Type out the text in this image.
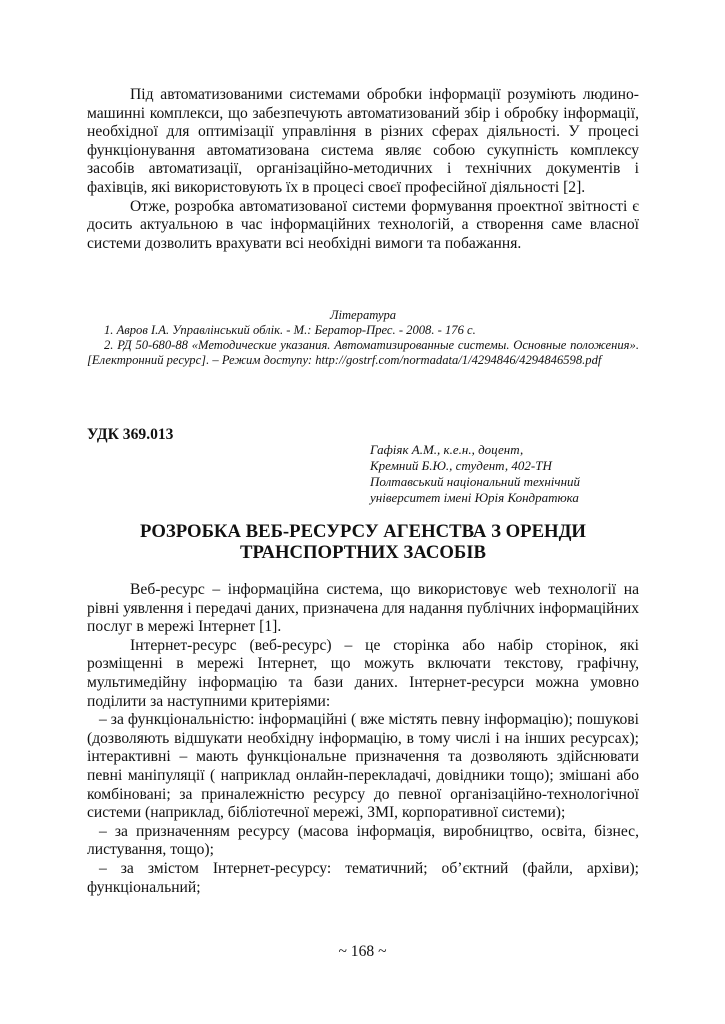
Під автоматизованими системами обробки інформації розуміють людино-машинні комплекси, що забезпечують автоматизований збір і обробку інформації, необхідної для оптимізації управління в різних сферах діяльності. У процесі функціонування автоматизована система являє собою сукупність комплексу засобів автоматизації, організаційно-методичних і технічних документів і фахівців, які використовують їх в процесі своєї професійної діяльності [2].

Отже, розробка автоматизованої системи формування проектної звітності є досить актуальною в час інформаційних технологій, а створення саме власної системи дозволить врахувати всі необхідні вимоги та побажання.

Література

1. Авров І.А. Управлінський облік. - М.: Бератор-Прес. - 2008. - 176 с.

2. РД 50-680-88 «Методические указания. Автоматизированные системы. Основные положения».[Електронний ресурс]. – Режим доступу: http://gostrf.com/normadata/1/4294846/4294846598.pdf

УДК 369.013

Гафіяк А.М., к.е.н., доцент,
Кремний Б.Ю., студент, 402-ТН
Полтавський національний технічний
університет імені Юрія Кондратюка
РОЗРОБКА ВЕБ-РЕСУРСУ АГЕНСТВА З ОРЕНДИ
ТРАНСПОРТНИХ ЗАСОБІВ

Веб-ресурс – інформаційна система, що використовує web технології на рівні уявлення і передачі даних, призначена для надання публічних інформаційних послуг в мережі Інтернет [1].

Інтернет-ресурс (веб-ресурс) – це сторінка або набір сторінок, які розміщенні в мережі Інтернет, що можуть включати текстову, графічну, мультимедійну інформацію та бази даних. Інтернет-ресурси можна умовно поділити за наступними критеріями:

– за функціональністю: інформаційні ( вже містять певну інформацію); пошукові (дозволяють відшукати необхідну інформацію, в тому числі і на інших ресурсах); інтерактивні – мають функціональне призначення та дозволяють здійснювати певні маніпуляції ( наприклад онлайн-перекладачі, довідники тощо); змішані або комбіновані; за приналежністю ресурсу до певної організаційно-технологічної системи (наприклад, бібліотечної мережі, ЗМІ, корпоративної системи);

– за призначенням ресурсу (масова інформація, виробництво, освіта, бізнес, листування, тощо);

– за змістом Інтернет-ресурсу: тематичний; об’єктний (файли, архіви); функціональний;

~ 168 ~
